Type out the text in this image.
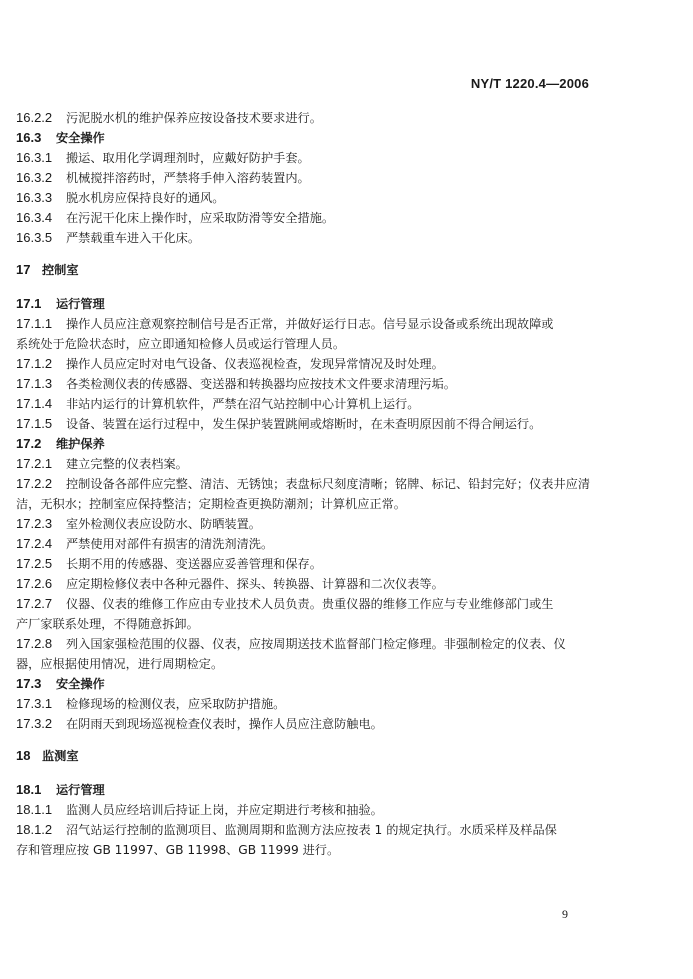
NY/T 1220.4—2006
16.2.2 污泥脱水机的维护保养应按设备技术要求进行。
16.3 安全操作
16.3.1 搬运、取用化学调理剂时，应戴好防护手套。
16.3.2 机械搅拌溶药时，严禁将手伸入溶药装置内。
16.3.3 脱水机房应保持良好的通风。
16.3.4 在污泥干化床上操作时，应采取防滑等安全措施。
16.3.5 严禁载重车进入干化床。
17 控制室
17.1 运行管理
17.1.1 操作人员应注意观察控制信号是否正常，并做好运行日志。信号显示设备或系统出现故障或
系统处于危险状态时，应立即通知检修人员或运行管理人员。
17.1.2 操作人员应定时对电气设备、仪表巡视检查，发现异常情况及时处理。
17.1.3 各类检测仪表的传感器、变送器和转换器均应按技术文件要求清理污垢。
17.1.4 非站内运行的计算机软件，严禁在沼气站控制中心计算机上运行。
17.1.5 设备、装置在运行过程中，发生保护装置跳闸或熔断时，在未查明原因前不得合闸运行。
17.2 维护保养
17.2.1 建立完整的仪表档案。
17.2.2 控制设备各部件应完整、清洁、无锈蚀；表盘标尺刻度清晰；铭牌、标记、铅封完好；仪表井应清
洁，无积水；控制室应保持整洁；定期检查更换防潮剂；计算机应正常。
17.2.3 室外检测仪表应设防水、防晒装置。
17.2.4 严禁使用对部件有损害的清洗剂清洗。
17.2.5 长期不用的传感器、变送器应妥善管理和保存。
17.2.6 应定期检修仪表中各种元器件、探头、转换器、计算器和二次仪表等。
17.2.7 仪器、仪表的维修工作应由专业技术人员负责。贵重仪器的维修工作应与专业维修部门或生
产厂家联系处理，不得随意拆卸。
17.2.8 列入国家强检范围的仪器、仪表，应按周期送技术监督部门检定修理。非强制检定的仪表、仪
器，应根据使用情况，进行周期检定。
17.3 安全操作
17.3.1 检修现场的检测仪表，应采取防护措施。
17.3.2 在阴雨天到现场巡视检查仪表时，操作人员应注意防触电。
18 监测室
18.1 运行管理
18.1.1 监测人员应经培训后持证上岗，并应定期进行考核和抽验。
18.1.2 沼气站运行控制的监测项目、监测周期和监测方法应按表 1 的规定执行。水质采样及样品保
存和管理应按 GB 11997、GB 11998、GB 11999 进行。
9
